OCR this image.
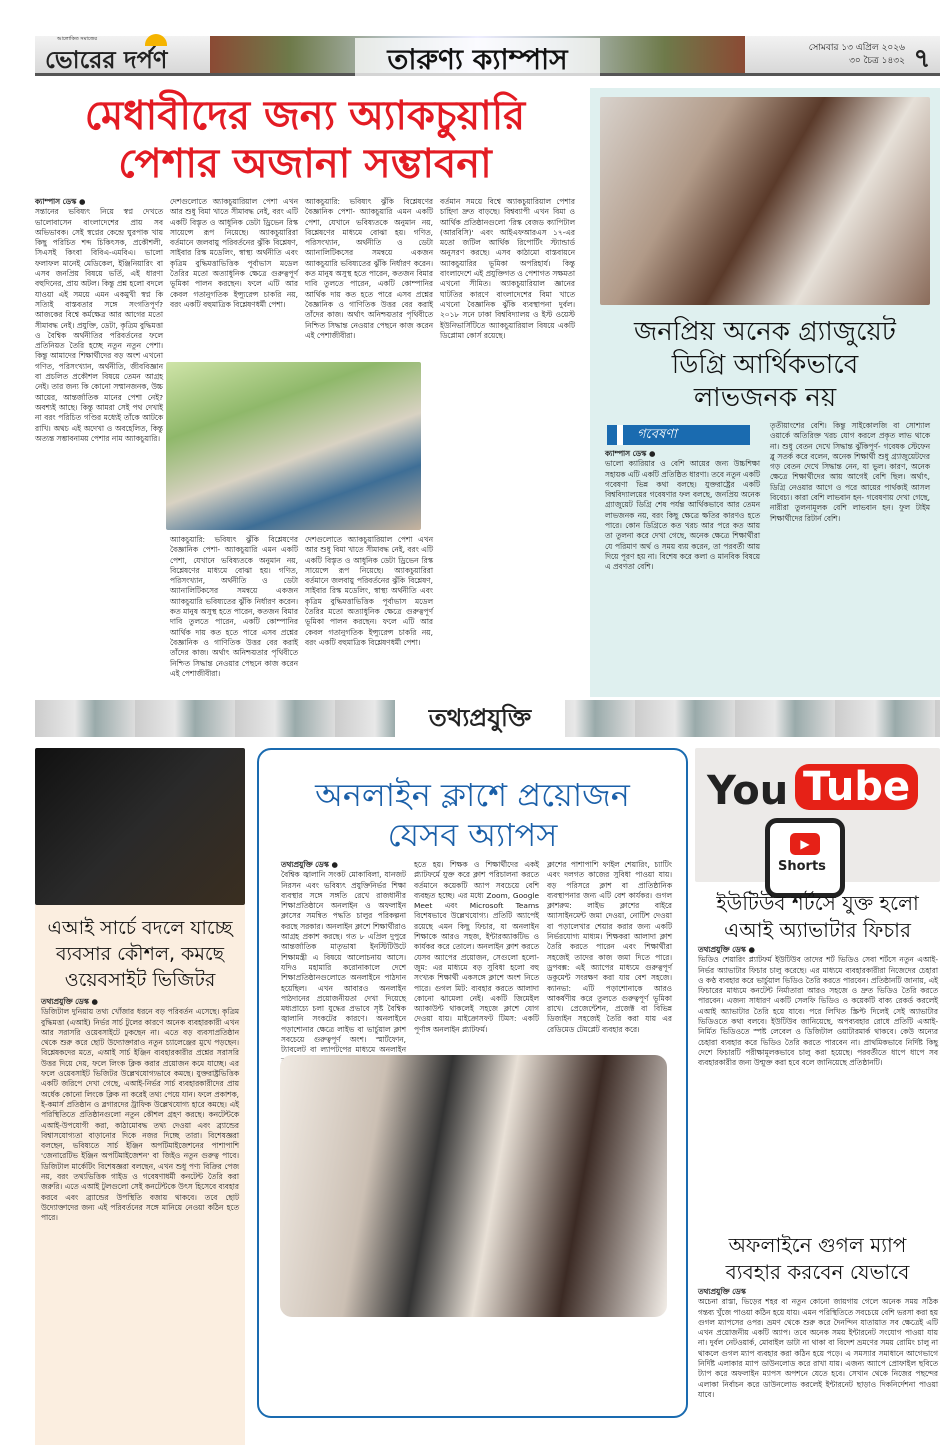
আলোকিত সমাজের
ভোরের দর্পণ	তারুণ্য ক্যাম্পাস	সোমবার ১৩ এপ্রিল ২০২৬
৩০ চৈত্র ১৪৩২ ৭
মেধাবীদের জন্য অ্যাকচুয়ারি
পেশার অজানা সম্ভাবনা
ক্যাম্পাস ডেস্ক ●

সন্তানের ভবিষ্যৎ নিয়ে স্বপ্ন দেখতে ভালোবাসেন বাংলাদেশের প্রায় সব অভিভাবক। সেই স্বপ্নের কেন্দ্রে ঘুরপাক খায় কিছু পরিচিত শব্দ চিকিৎসক, প্রকৌশলী, সিএসই কিংবা বিবিএ-এমবিএ। ভালো ফলাফল মানেই মেডিকেল, ইঞ্জিনিয়ারিং বা এসব জনপ্রিয় বিষয়ে ভর্তি, এই ধারণা বহুদিনের, প্রায় অটল। কিন্তু প্রশ্ন হলো বদলে যাওয়া এই সময়ে এমন একমুখী স্বপ্ন কি সত্যিই বাস্তবতার সঙ্গে সংগতিপূর্ণ? আজকের বিশ্বে কর্মক্ষেত্র আর আগের মতো সীমাবদ্ধ নেই। প্রযুক্তি, ডেটা, কৃত্রিম বুদ্ধিমত্তা ও বৈশ্বিক অর্থনীতির পরিবর্তনের ফলে প্রতিনিয়ত তৈরি হচ্ছে নতুন নতুন পেশা। কিন্তু আমাদের শিক্ষার্থীদের বড় অংশ এখনো গণিত, পরিসংখ্যান, অর্থনীতি, জীববিজ্ঞান বা প্রচলিত প্রকৌশল বিষয়ে তেমন আগ্রহ নেই। তার জন্য কি কোনো সম্মানজনক, উচ্চ আয়ের, আন্তর্জাতিক মানের পেশা নেই? অবশ্যই আছে। কিন্তু আমরা সেই পথ দেখাই না বরং পরিচিত গণ্ডির মধ্যেই তাঁকে আটকে রাখি। অথচ এই অদেখা ও অবহেলিত, কিন্তু অত্যন্ত সম্ভাবনাময় পেশার নাম অ্যাকচুয়ারি।

দেশগুলোতে অ্যাকচুয়ারিয়াল পেশা এখন আর শুধু বিমা খাতে সীমাবদ্ধ নেই, বরং এটি একটি বিস্তৃত ও আধুনিক ডেটা ড্রিভেন রিস্ক সায়েন্সে রূপ নিয়েছে। অ্যাকচুয়ারিরা বর্তমানে জলবায়ু পরিবর্তনের ঝুঁকি বিশ্লেষণ, সাইবার রিস্ক মডেলিং, স্বাস্থ্য অর্থনীতি এবং কৃত্রিম বুদ্ধিমত্তাভিত্তিক পূর্বাভাস মডেল তৈরির মতো অত্যাধুনিক ক্ষেত্রে গুরুত্বপূর্ণ ভূমিকা পালন করছেন। ফলে এটি আর কেবল গতানুগতিক ইন্স্যুরেন্স চাকরি নয়, বরং একটি বহুমাত্রিক বিশ্লেষণধর্মী পেশা।

অ্যাকচুয়ারি: ভবিষ্যৎ ঝুঁকি বিশ্লেষণের বৈজ্ঞানিক পেশা- অ্যাকচুয়ারি এমন একটি পেশা, যেখানে ভবিষ্যতকে অনুমান নয়, বিশ্লেষণের মাধ্যমে বোঝা হয়। গণিত, পরিসংখ্যান, অর্থনীতি ও ডেটা অ্যানালিটিকসের সমন্বয়ে একজন অ্যাকচুয়ারি ভবিষ্যতের ঝুঁকি নির্ধারণ করেন। কত মানুষ অসুস্থ হতে পারেন, কতজন বিমার দাবি তুলতে পারেন, একটি কোম্পানির আর্থিক দায় কত হতে পারে এসব প্রশ্নের বৈজ্ঞানিক ও গাণিতিক উত্তর বের করাই তাঁদের কাজ। অর্থাৎ অনিশ্চয়তার পৃথিবীতে নিশ্চিত সিদ্ধান্ত নেওয়ার পেছনে কাজ করেন এই পেশাজীবীরা।

বর্তমান সময়ে বিশ্বে অ্যাকচুয়ারিয়াল পেশার চাহিদা দ্রুত বাড়ছে। বিশ্বব্যাপী এখন বিমা ও আর্থিক প্রতিষ্ঠানগুলো 'রিস্ক বেজড ক্যাপিটাল (আরবিসি)' এবং আইএফআরএস ১৭-এর মতো জটিল আর্থিক রিপোর্টিং স্ট্যান্ডার্ড অনুসরণ করছে। এসব কাঠামো বাস্তবায়নে অ্যাকচুয়ারির ভূমিকা অপরিহার্য। কিন্তু বাংলাদেশে এই প্রযুক্তিগত ও পেশাগত সক্ষমতা এখনো সীমিত। অ্যাকচুয়ারিয়াল জ্ঞানের ঘাটতির কারণে বাংলাদেশের বিমা খাতে এখনো বৈজ্ঞানিক ঝুঁকি ব্যবস্থাপনা দুর্বল। ২০১৮ সনে ঢাকা বিশ্ববিদ্যালয় ও ইস্ট ওয়েস্ট ইউনিভার্সিটিতে অ্যাকচুয়ারিয়াল বিষয়ে একটি ডিপ্লোমা কোর্স রয়েছে।

অ্যাকচুয়ারি: ভবিষ্যৎ ঝুঁকি বিশ্লেষণের বৈজ্ঞানিক পেশা- অ্যাকচুয়ারি এমন একটি পেশা, যেখানে ভবিষ্যতকে অনুমান নয়, বিশ্লেষণের মাধ্যমে বোঝা হয়। গণিত, পরিসংখ্যান, অর্থনীতি ও ডেটা অ্যানালিটিকসের সমন্বয়ে একজন অ্যাকচুয়ারি ভবিষ্যতের ঝুঁকি নির্ধারণ করেন। কত মানুষ অসুস্থ হতে পারেন, কতজন বিমার দাবি তুলতে পারেন, একটি কোম্পানির আর্থিক দায় কত হতে পারে এসব প্রশ্নের বৈজ্ঞানিক ও গাণিতিক উত্তর বের করাই তাঁদের কাজ। অর্থাৎ অনিশ্চয়তার পৃথিবীতে নিশ্চিত সিদ্ধান্ত নেওয়ার পেছনে কাজ করেন এই পেশাজীবীরা।

দেশগুলোতে অ্যাকচুয়ারিয়াল পেশা এখন আর শুধু বিমা খাতে সীমাবদ্ধ নেই, বরং এটি একটি বিস্তৃত ও আধুনিক ডেটা ড্রিভেন রিস্ক সায়েন্সে রূপ নিয়েছে। অ্যাকচুয়ারিরা বর্তমানে জলবায়ু পরিবর্তনের ঝুঁকি বিশ্লেষণ, সাইবার রিস্ক মডেলিং, স্বাস্থ্য অর্থনীতি এবং কৃত্রিম বুদ্ধিমত্তাভিত্তিক পূর্বাভাস মডেল তৈরির মতো অত্যাধুনিক ক্ষেত্রে গুরুত্বপূর্ণ ভূমিকা পালন করছেন। ফলে এটি আর কেবল গতানুগতিক ইন্স্যুরেন্স চাকরি নয়, বরং একটি বহুমাত্রিক বিশ্লেষণধর্মী পেশা।

জনপ্রিয় অনেক গ্র্যাজুয়েট
ডিগ্রি আর্থিকভাবে
লাভজনক নয়
গবেষণা
ক্যাম্পাস ডেস্ক ●

ভালো ক্যারিয়ার ও বেশি আয়ের জন্য উচ্চশিক্ষা সহায়ক এটি একটি প্রতিষ্ঠিত ধারণা। তবে নতুন একটি গবেষণা ভিন্ন কথা বলছে। যুক্তরাষ্ট্রের একটি বিশ্ববিদ্যালয়ের গবেষণার ফল বলছে, জনপ্রিয় অনেক গ্র্যাজুয়েট ডিগ্রি শেষ পর্যন্ত আর্থিকভাবে আর তেমন লাভজনক নয়, বরং কিছু ক্ষেত্রে ক্ষতির কারণও হতে পারে। কোন ডিগ্রিতে কত খরচ আর পরে কত আয় তা তুলনা করে দেখা গেছে, অনেক ক্ষেত্রে শিক্ষার্থীরা যে পরিমাণ অর্থ ও সময় ব্যয় করেন, তা পরবর্তী আয় দিয়ে পূরণ হয় না। বিশেষ করে কলা ও মানবিক বিষয়ে এ প্রবণতা বেশি।

তৃতীয়াংশের বেশি। কিন্তু সাইকোলজি বা সোশ্যাল ওয়ার্কে অতিরিক্ত খরচ যোগ করলে প্রকৃত লাভ থাকে না। শুধু বেতন দেখে সিদ্ধান্ত ঝুঁকিপূর্ণ- গবেষক স্টেফেন ব্লু সতর্ক করে বলেন, অনেক শিক্ষার্থী শুধু গ্র্যাজুয়েটদের গড় বেতন দেখে সিদ্ধান্ত নেন, যা ভুল। কারণ, অনেক ক্ষেত্রে শিক্ষার্থীদের আয় আগেই বেশি ছিল। অর্থাৎ, ডিগ্রি নেওয়ার আগে ও পরে আয়ের পার্থক্যই আসল বিবেচ্য। কারা বেশি লাভবান হন- গবেষণায় দেখা গেছে, নারীরা তুলনামূলক বেশি লাভবান হন। ফুল টাইম শিক্ষার্থীদের রিটার্ন বেশি।

তথ্যপ্রযুক্তি
এআই সার্চে বদলে যাচ্ছে
ব্যবসার কৌশল, কমছে
ওয়েবসাইট ভিজিটর
তথ্যপ্রযুক্তি ডেস্ক ●

ডিজিটাল দুনিয়ায় তথ্য খোঁজার ধরনে বড় পরিবর্তন এসেছে। কৃত্রিম বুদ্ধিমত্তা (এআই) নির্ভর সার্চ টুলের কারণে অনেক ব্যবহারকারী এখন আর সরাসরি ওয়েবসাইটে ঢুকছেন না। এতে বড় ব্যবসাপ্রতিষ্ঠান থেকে শুরু করে ছোট উদ্যোক্তারাও নতুন চ্যালেঞ্জের মুখে পড়ছেন। বিশ্লেষকদের মতে, এআই সার্চ ইঞ্জিন ব্যবহারকারীর প্রশ্নের সরাসরি উত্তর দিয়ে দেয়, ফলে লিংক ক্লিক করার প্রয়োজন কমে যাচ্ছে। এর ফলে ওয়েবসাইট ভিজিটর উল্লেখযোগ্যভাবে কমছে। যুক্তরাষ্ট্রভিত্তিক একটি জরিপে দেখা গেছে, এআই-নির্ভর সার্চ ব্যবহারকারীদের প্রায় অর্ধেক কোনো লিংকে ক্লিক না করেই তথ্য পেয়ে যান। ফলে প্রকাশক, ই-কমার্স প্রতিষ্ঠান ও ব্লগারদের ট্রাফিক উল্লেখযোগ্য হারে কমছে। এই পরিস্থিতিতে প্রতিষ্ঠানগুলো নতুন কৌশল গ্রহণ করছে। কনটেন্টকে এআই-উপযোগী করা, কাঠামোবদ্ধ তথ্য দেওয়া এবং ব্র্যান্ডের বিশ্বাসযোগ্যতা বাড়ানোর দিকে নজর দিচ্ছে তারা। বিশেষজ্ঞরা বলছেন, ভবিষ্যতে সার্চ ইঞ্জিন অপটিমাইজেশনের পাশাপাশি 'জেনারেটিভ ইঞ্জিন অপটিমাইজেশন' বা জিইও নতুন গুরুত্ব পাবে। ডিজিটাল মার্কেটিং বিশেষজ্ঞরা বলছেন, এখন শুধু পণ্য বিক্রির পেজ নয়, বরং তথ্যভিত্তিক গাইড ও গবেষণাধর্মী কনটেন্ট তৈরি করা জরুরি। এতে এআই টুলগুলো সেই কনটেন্টকে উৎস হিসেবে ব্যবহার করবে এবং ব্র্যান্ডের উপস্থিতি বজায় থাকবে। তবে ছোট উদ্যোক্তাদের জন্য এই পরিবর্তনের সঙ্গে মানিয়ে নেওয়া কঠিন হতে পারে।

অনলাইন ক্লাশে প্রয়োজন
যেসব অ্যাপস
তথ্যপ্রযুক্তি ডেস্ক ●

বৈশ্বিক জ্বালানি সংকট মোকাবিলা, যানজট নিরসন এবং ভবিষ্যৎ প্রযুক্তিনির্ভর শিক্ষা ব্যবস্থার সঙ্গে সঙ্গতি রেখে রাজধানীর শিক্ষাপ্রতিষ্ঠানে অনলাইন ও অফলাইন ক্লাসের সমন্বিত পদ্ধতি চালুর পরিকল্পনা করছে সরকার। অনলাইন ক্লাশে শিক্ষার্থীরাও আগ্রহ প্রকাশ করছে। গত ৮ এপ্রিল দুপুরে আন্তর্জাতিক মাতৃভাষা ইনস্টিটিউটে শিক্ষামন্ত্রী এ বিষয়ে আলোচনায় আসে। যদিও মহামারি করোনাকালে দেশে শিক্ষাপ্রতিষ্ঠানগুলোতে অনলাইনে পাঠদান হয়েছিল। এখন আবারও অনলাইন পাঠদানের প্রয়োজনীয়তা দেখা দিয়েছে মধ্যপ্রাচ্যে চলা যুদ্ধের প্রভাবে সৃষ্ট বৈশ্বিক জ্বালানি সংকটের কারণে। অনলাইনে পড়াশোনার ক্ষেত্রে লাইভ বা ভার্চুয়াল ক্লাশ সবচেয়ে গুরুত্বপূর্ণ অংশ। স্মার্টফোন, ট্যাবলেট বা ল্যাপটপের মাধ্যমে অনলাইন

হতে হয়। শিক্ষক ও শিক্ষার্থীদের একই প্ল্যাটফর্মে যুক্ত করে ক্লাশ পরিচালনা করতে বর্তমানে কয়েকটি অ্যাপ সবচেয়ে বেশি ব্যবহৃত হচ্ছে। এর মধ্যে Zoom, Google Meet এবং Microsoft Teams বিশেষভাবে উল্লেখযোগ্য। প্রতিটি অ্যাপেই রয়েছে এমন কিছু ফিচার, যা অনলাইন শিক্ষাকে আরও সহজ, ইন্টারঅ্যাকটিভ ও কার্যকর করে তোলে। অনলাইন ক্লাশ করতে যেসব অ্যাপের প্রয়োজন, সেগুলো হলো- জুম: এর মাধ্যমে বড় সুবিধা হলো বহু সংখ্যক শিক্ষার্থী একসঙ্গে ক্লাশে অংশ নিতে পারে। গুগল মিট: ব্যবহার করতে আলাদা কোনো ঝামেলা নেই। একটি জিমেইল অ্যাকাউন্ট থাকলেই সহজে ক্লাশে যোগ দেওয়া যায়। মাইক্রোসফট টিমস: একটি পূর্ণাঙ্গ অনলাইন প্ল্যাটফর্ম।

ক্লাশের পাশাপাশি ফাইল শেয়ারিং, চ্যাটিং এবং দলগত কাজের সুবিধা পাওয়া যায়। বড় পরিসরে ক্লাশ বা প্রাতিষ্ঠানিক ব্যবস্থাপনার জন্য এটি বেশ কার্যকর। গুগল ক্লাশরুম: লাইভ ক্লাশের বাইরে অ্যাসাইনমেন্ট জমা দেওয়া, নোটিশ দেওয়া বা পড়ালেখার শেয়ার করার জন্য একটি নির্ভরযোগ্য মাধ্যম। শিক্ষকরা আলাদা ক্লাশ তৈরি করতে পারেন এবং শিক্ষার্থীরা সহজেই তাদের কাজ জমা দিতে পারে। ড্রপবক্স: এই অ্যাপের মাধ্যমে গুরুত্বপূর্ণ ডকুমেন্ট সংরক্ষণ করা যায় বেশ সহজে। ক্যানভা: এটি পড়াশোনাকে আরও আকর্ষণীয় করে তুলতে গুরুত্বপূর্ণ ভূমিকা রাখে। প্রেজেন্টেশন, প্রজেক্ট বা বিভিন্ন ডিজাইন সহজেই তৈরি করা যায় এর রেডিমেড টেমপ্লেট ব্যবহার করে।

You Tube
▶
Shorts
ইউটিউব শর্টসে যুক্ত হলো
এআই অ্যাভাটার ফিচার
তথ্যপ্রযুক্তি ডেস্ক ●

ভিডিও শেয়ারিং প্ল্যাটফর্ম ইউটিউব তাদের শর্ট ভিডিও সেবা শর্টসে নতুন এআই-নির্ভর অ্যাভাটার ফিচার চালু করেছে। এর মাধ্যমে ব্যবহারকারীরা নিজেদের চেহারা ও কণ্ঠ ব্যবহার করে ভার্চুয়াল ভিডিও তৈরি করতে পারবেন। প্রতিষ্ঠানটি জানায়, এই ফিচারের মাধ্যমে কনটেন্ট নির্মাতারা আরও সহজে ও দ্রুত ভিডিও তৈরি করতে পারবেন। এজন্য সাধারণ একটি সেলফি ভিডিও ও কয়েকটি বাক্য রেকর্ড করলেই এআই অ্যাভাটার তৈরি হয়ে যাবে। পরে লিখিত স্ক্রিপ্ট দিলেই সেই অ্যাভাটার ভিডিওতে কথা বলবে। ইউটিউব জানিয়েছে, অপব্যবহার রোধে প্রতিটি এআই-নির্মিত ভিডিওতে স্পষ্ট লেবেল ও ডিজিটাল ওয়াটারমার্ক থাকবে। কেউ অন্যের চেহারা ব্যবহার করে ভিডিও তৈরি করতে পারবেন না। প্রাথমিকভাবে নির্দিষ্ট কিছু দেশে ফিচারটি পরীক্ষামূলকভাবে চালু করা হয়েছে। পরবর্তীতে ধাপে ধাপে সব ব্যবহারকারীর জন্য উন্মুক্ত করা হবে বলে জানিয়েছে প্রতিষ্ঠানটি।

অফলাইনে গুগল ম্যাপ
ব্যবহার করবেন যেভাবে
তথ্যপ্রযুক্তি ডেস্ক

অচেনা রাস্তা, ভিড়ের শহর বা নতুন কোনো জায়গায় গেলে অনেক সময় সঠিক গন্তব্য খুঁজে পাওয়া কঠিন হয়ে যায়। এমন পরিস্থিতিতে সবচেয়ে বেশি ভরসা করা হয় গুগল ম্যাপসের ওপর। ভ্রমণ থেকে শুরু করে দৈনন্দিন যাতায়াত সব ক্ষেত্রেই এটি এখন প্রয়োজনীয় একটি অ্যাপ। তবে অনেক সময় ইন্টারনেট সংযোগ পাওয়া যায় না। দুর্বল নেটওয়ার্ক, মোবাইল ডাটা না থাকা বা বিদেশ ভ্রমণের সময় রোমিং চালু না থাকলে গুগল ম্যাপ ব্যবহার করা কঠিন হয়ে পড়ে। এ সমস্যার সমাধানে আগেভাগে নির্দিষ্ট এলাকার ম্যাপ ডাউনলোড করে রাখা যায়। এজন্য অ্যাপে প্রোফাইল ছবিতে ট্যাপ করে অফলাইন ম্যাপস অপশনে যেতে হবে। সেখান থেকে নিজের পছন্দের এলাকা নির্বাচন করে ডাউনলোড করলেই ইন্টারনেট ছাড়াও দিকনির্দেশনা পাওয়া যাবে।
